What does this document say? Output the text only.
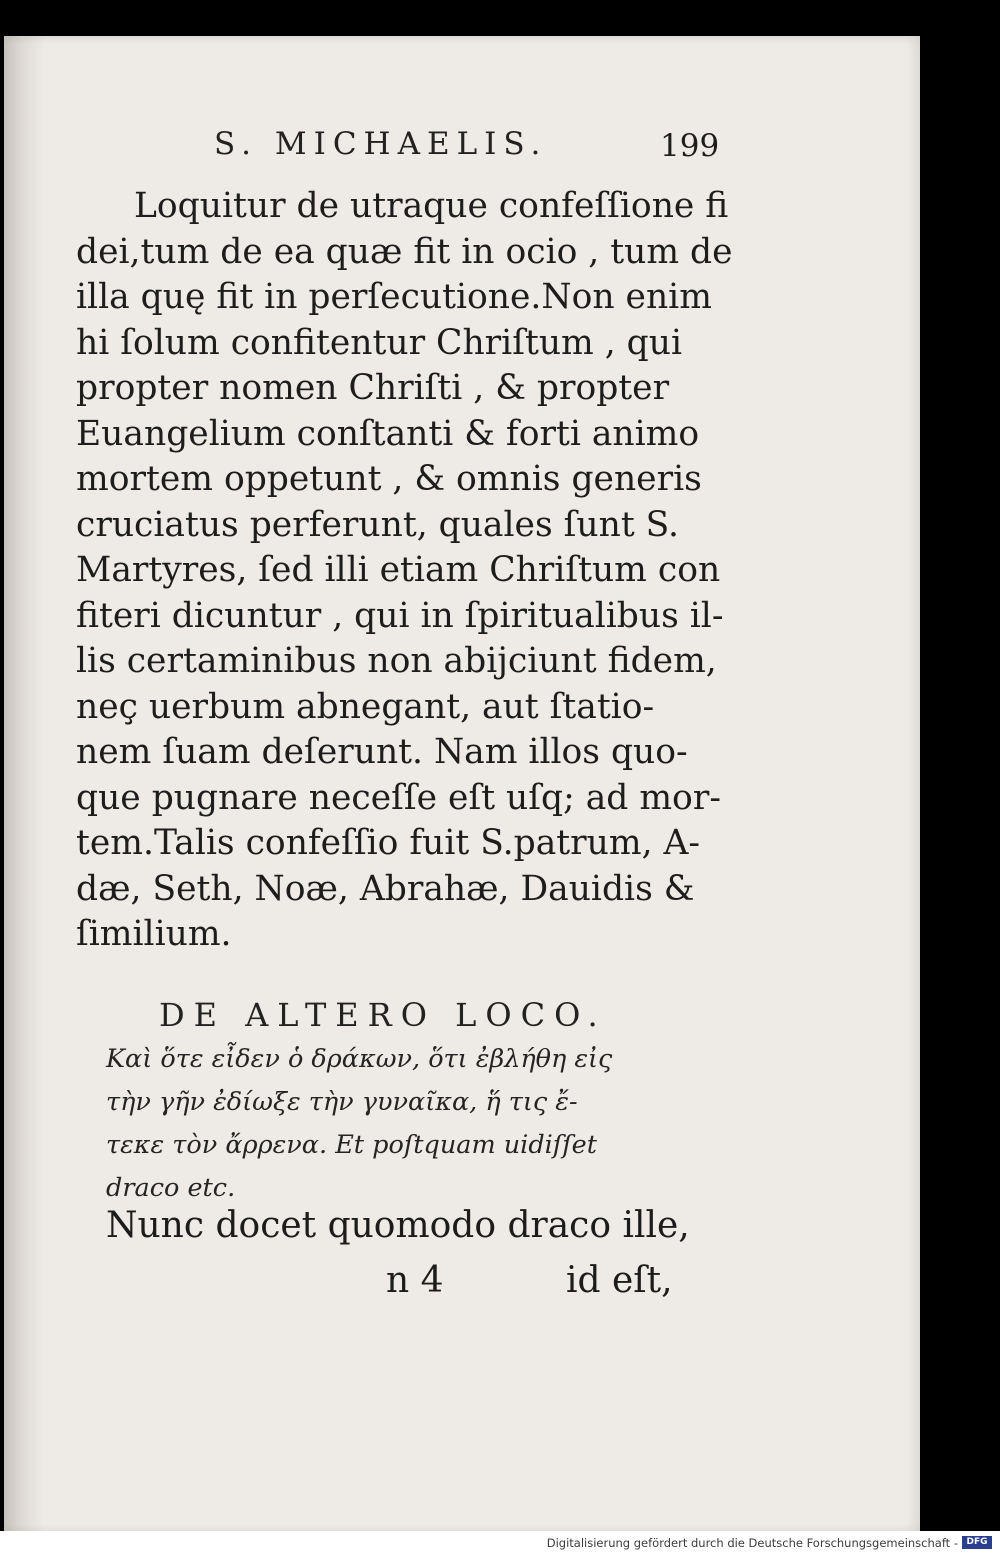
S. MICHAELIS.	199
Loquitur de utraque confeſſione fi
dei,tum de ea quæ fit in ocio , tum de
illa quę fit in perſecutione.Non enim
hi ſolum confitentur Chriſtum , qui
propter nomen Chriſti , & propter
Euangelium conſtanti & forti animo
mortem oppetunt , & omnis generis
cruciatus perferunt, quales ſunt S.
Martyres, ſed illi etiam Chriſtum con
fiteri dicuntur , qui in ſpiritualibus il-
lis certaminibus non abijciunt fidem,
neç uerbum abnegant, aut ſtatio-
nem ſuam deſerunt. Nam illos quo-
que pugnare neceſſe eſt uſq; ad mor-
tem.Talis confeſſio fuit S.patrum, A-
dæ, Seth, Noæ, Abrahæ, Dauidis &
ſimilium.
DE ALTERO LOCO.
Καὶ ὅτε εἶδεν ὁ δράκων, ὅτι ἐβλήθη εἰς
τὴν γῆν ἐδίωξε τὴν γυναῖκα, ἥ τις ἔ-
τεκε τὸν ἄρρενα. Et poſtquam uidiſſet
draco etc.
Nunc docet quomodo draco ille,
n 4	id eſt,
Digitalisierung gefördert durch die Deutsche Forschungsgemeinschaft - DFG
